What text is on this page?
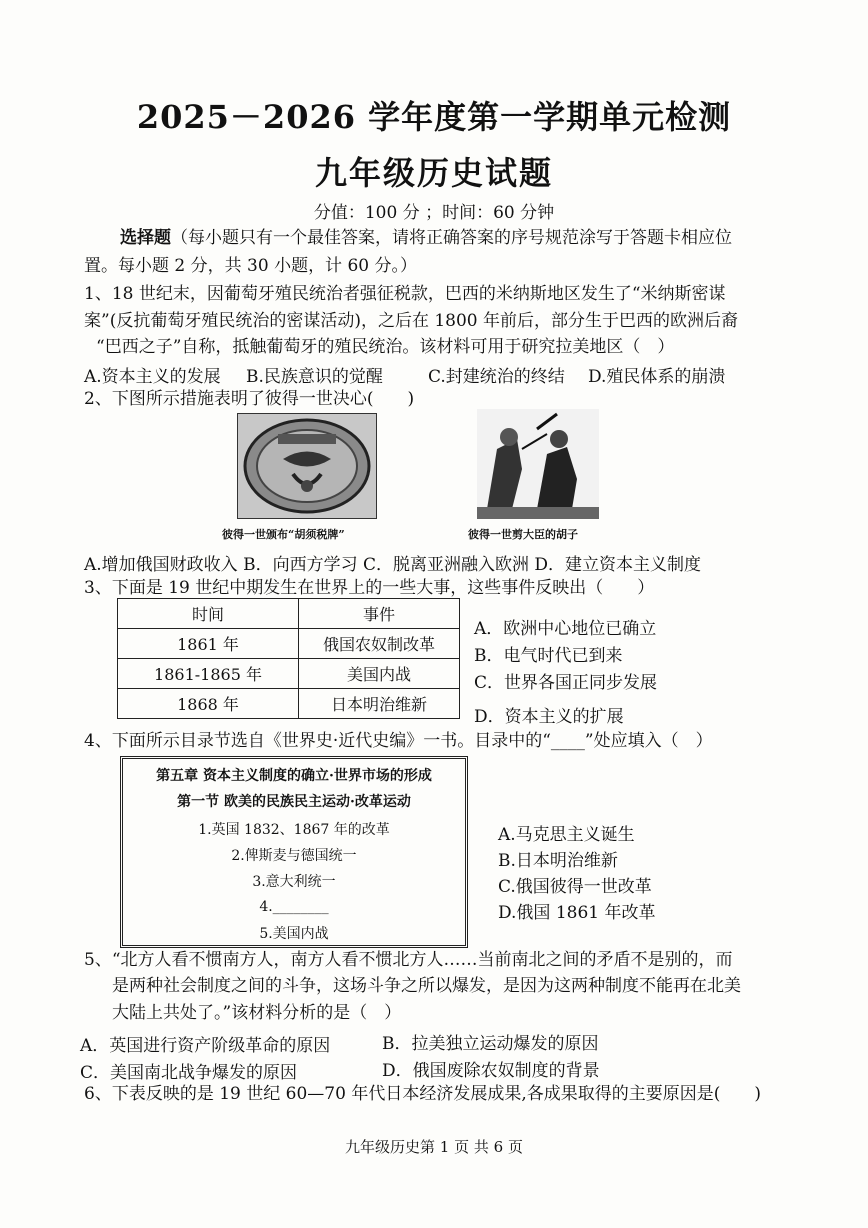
2025－2026 学年度第一学期单元检测
九年级历史试题
分值：100 分 ；时间：60 分钟
选择题（每小题只有一个最佳答案，请将正确答案的序号规范涂写于答题卡相应位
置。每小题 2 分，共 30 小题，计 60 分。）
1、18 世纪末，因葡萄牙殖民统治者强征税款，巴西的米纳斯地区发生了“米纳斯密谋
案”(反抗葡萄牙殖民统治的密谋活动)，之后在 1800 年前后，部分生于巴西的欧洲后裔
“巴西之子”自称，抵触葡萄牙的殖民统治。该材料可用于研究拉美地区（　）
A.资本主义的发展 B.民族意识的觉醒	C.封建统治的终结 D.殖民体系的崩溃
2、下图所示措施表明了彼得一世决心(　　)
彼得一世颁布“胡须税牌”	彼得一世剪大臣的胡子
A.增加俄国财政收入 B．向西方学习 C．脱离亚洲融入欧洲 D．建立资本主义制度
3、下面是 19 世纪中期发生在世界上的一些大事，这些事件反映出（　　）
时间	事件
1861 年	俄国农奴制改革
1861-1865 年	美国内战
1868 年	日本明治维新
A．欧洲中心地位已确立
B．电气时代已到来
C．世界各国正同步发展
D．资本主义的扩展
4、下面所示目录节选自《世界史·近代史编》一书。目录中的“____”处应填入（　）
第五章 资本主义制度的确立·世界市场的形成
第一节 欧美的民族民主运动·改革运动
1.英国 1832、1867 年的改革
2.俾斯麦与德国统一
3.意大利统一
4.________
5.美国内战
A.马克思主义诞生
B.日本明治维新
C.俄国彼得一世改革
D.俄国 1861 年改革
5、“北方人看不惯南方人，南方人看不惯北方人……当前南北之间的矛盾不是别的，而
是两种社会制度之间的斗争，这场斗争之所以爆发，是因为这两种制度不能再在北美
大陆上共处了。”该材料分析的是（　）
A．英国进行资产阶级革命的原因	B．拉美独立运动爆发的原因
C．美国南北战争爆发的原因	D．俄国废除农奴制度的背景
6、下表反映的是 19 世纪 60—70 年代日本经济发展成果,各成果取得的主要原因是(　　)
九年级历史第 1 页 共 6 页
